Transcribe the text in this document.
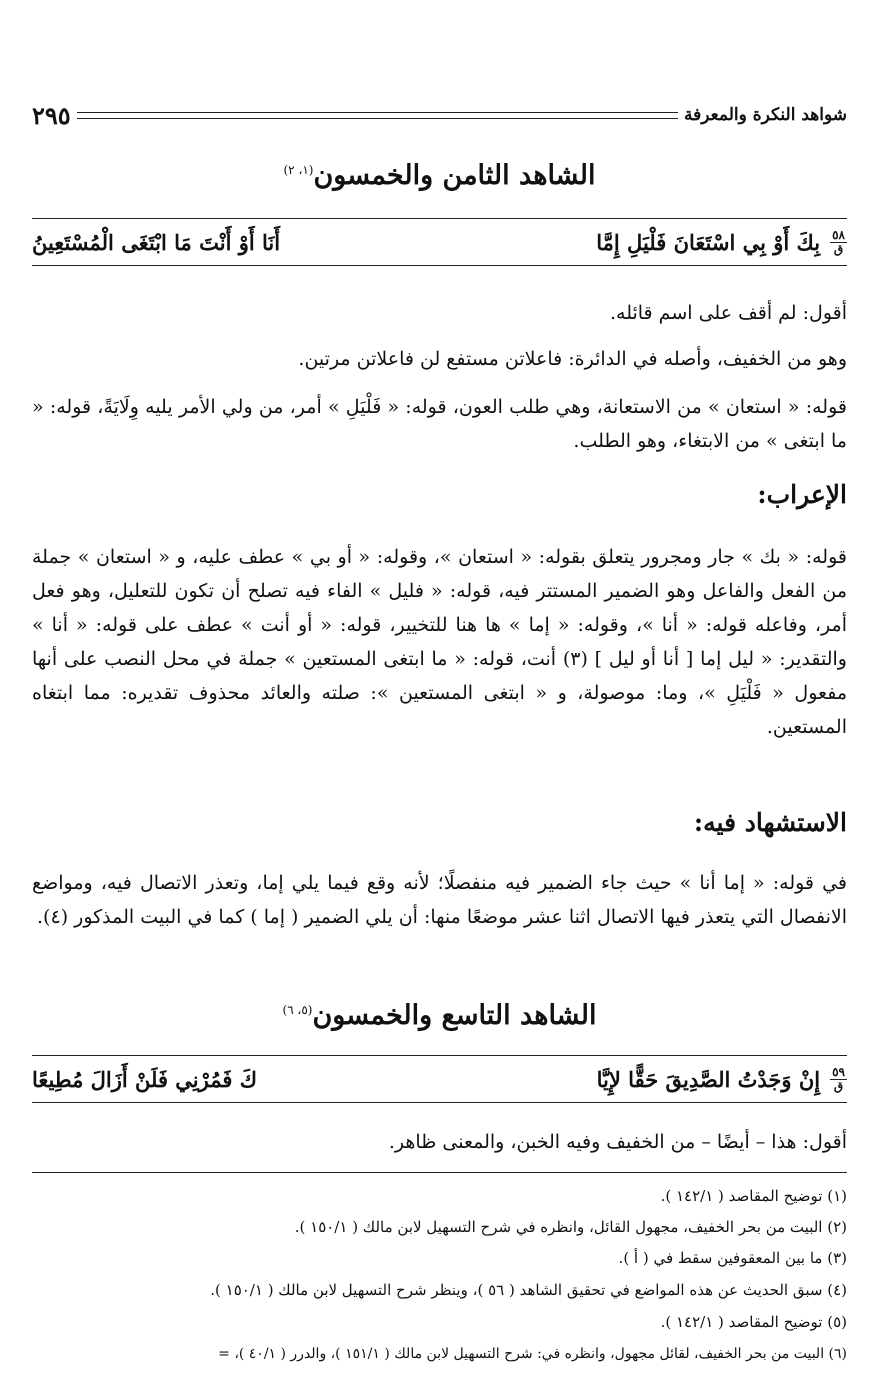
شواهد النكرة والمعرفة
٢٩٥
الشاهد الثامن والخمسون$^{(١، ٢)}$
٥٨
ق
بِكَ أَوْ بِي اسْتَعَانَ فَلْيَلِ إِمَّا
أَنَا أَوْ أَنْتَ مَا ابْتَغَى الْمُسْتَعِينُ
أقول: لم أقف على اسم قائله.
وهو من الخفيف، وأصله في الدائرة: فاعلاتن مستفع لن فاعلاتن مرتين.
قوله: « استعان » من الاستعانة، وهي طلب العون، قوله: « فَلْيَلِ » أمر، من ولي الأمر يليه وِلَايَةً، قوله: « ما ابتغى » من الابتغاء، وهو الطلب.
الإعراب:
قوله: « بك » جار ومجرور يتعلق بقوله: « استعان »، وقوله: « أو بي » عطف عليه، و « استعان » جملة من الفعل والفاعل وهو الضمير المستتر فيه، قوله: « فليل » الفاء فيه تصلح أن تكون للتعليل، وهو فعل أمر، وفاعله قوله: « أنا »، وقوله: « إما » ها هنا للتخيير، قوله: « أو أنت » عطف على قوله: « أنا » والتقدير: « ليل إما [ أنا أو ليل ] (٣) أنت، قوله: « ما ابتغى المستعين » جملة في محل النصب على أنها مفعول « فَلْيَلِ »، وما: موصولة، و « ابتغى المستعين »: صلته والعائد محذوف تقديره: مما ابتغاه المستعين.
الاستشهاد فيه:
في قوله: « إما أنا » حيث جاء الضمير فيه منفصلًا؛ لأنه وقع فيما يلي إما، وتعذر الاتصال فيه، ومواضع الانفصال التي يتعذر فيها الاتصال اثنا عشر موضعًا منها: أن يلي الضمير ( إما ) كما في البيت المذكور (٤).
الشاهد التاسع والخمسون$^{(٥، ٦)}$
٥٩
ق
إِنْ وَجَدْتُ الصَّدِيقَ حَقًّا لإِيَّا
كَ فَمُرْنِي فَلَنْ أَزَالَ مُطِيعًا
أقول: هذا – أيضًا – من الخفيف وفيه الخبن، والمعنى ظاهر.
(١) توضيح المقاصد ( ١٤٢/١ ).
(٢) البيت من بحر الخفيف، مجهول القائل، وانظره في شرح التسهيل لابن مالك ( ١٥٠/١ ).
(٣) ما بين المعقوفين سقط في ( أ ).
(٤) سبق الحديث عن هذه المواضع في تحقيق الشاهد ( ٥٦ )، وينظر شرح التسهيل لابن مالك ( ١٥٠/١ ).
(٥) توضيح المقاصد ( ١٤٢/١ ).
(٦) البيت من بحر الخفيف، لقائل مجهول، وانظره في: شرح التسهيل لابن مالك ( ١٥١/١ )، والدرر ( ٤٠/١ )، =
